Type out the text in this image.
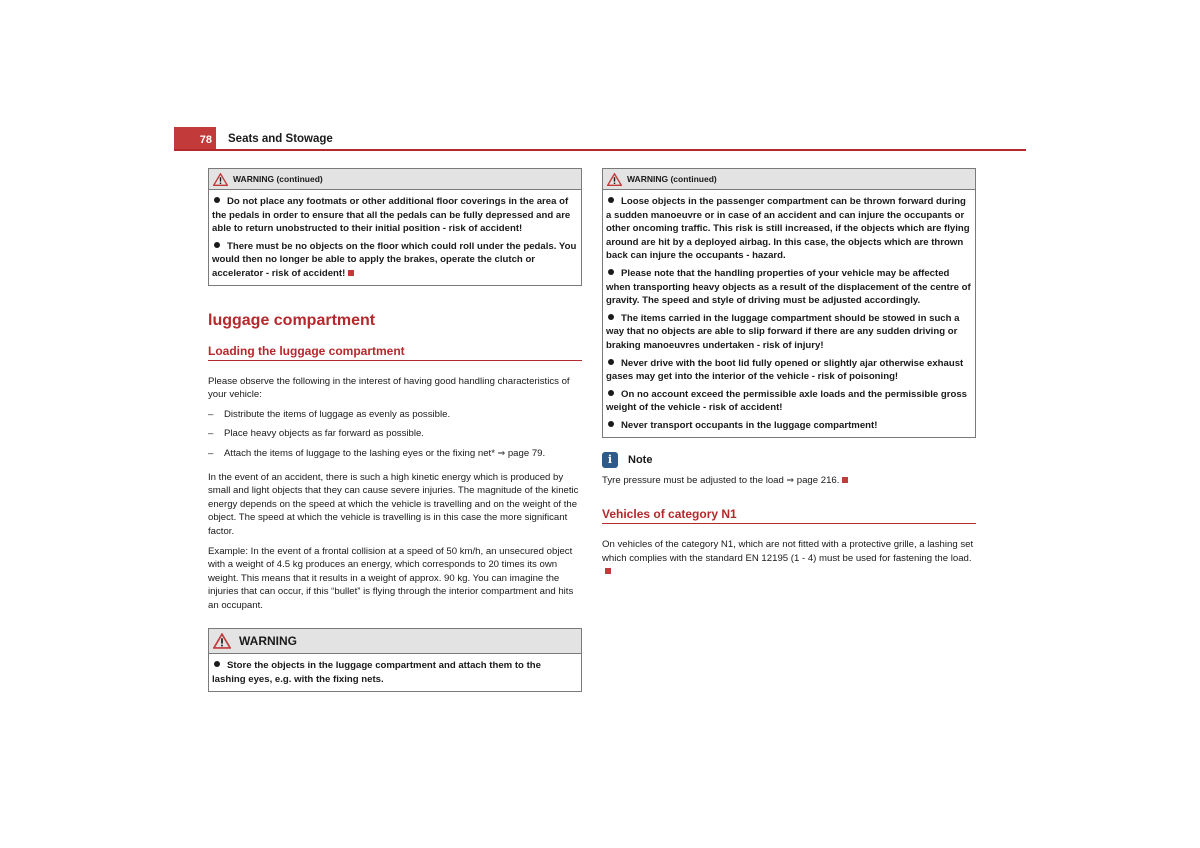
78	Seats and Stowage
WARNING (continued)

Do not place any footmats or other additional floor coverings in the area of the pedals in order to ensure that all the pedals can be fully depressed and are able to return unobstructed to their initial position - risk of accident!

There must be no objects on the floor which could roll under the pedals. You would then no longer be able to apply the brakes, operate the clutch or accelerator - risk of accident!

luggage compartment
Loading the luggage compartment

Please observe the following in the interest of having good handling characteristics of your vehicle:

– Distribute the items of luggage as evenly as possible.

– Place heavy objects as far forward as possible.

– Attach the items of luggage to the lashing eyes or the fixing net* ⇒ page 79.

In the event of an accident, there is such a high kinetic energy which is produced by small and light objects that they can cause severe injuries. The magnitude of the kinetic energy depends on the speed at which the vehicle is travelling and on the weight of the object. The speed at which the vehicle is travelling is in this case the more significant factor.

Example: In the event of a frontal collision at a speed of 50 km/h, an unsecured object with a weight of 4.5 kg produces an energy, which corresponds to 20 times its own weight. This means that it results in a weight of approx. 90 kg. You can imagine the injuries that can occur, if this “bullet” is flying through the interior compartment and hits an occupant.

WARNING

Store the objects in the luggage compartment and attach them to the lashing eyes, e.g. with the fixing nets.

WARNING (continued)

Loose objects in the passenger compartment can be thrown forward during a sudden manoeuvre or in case of an accident and can injure the occupants or other oncoming traffic. This risk is still increased, if the objects which are flying around are hit by a deployed airbag. In this case, the objects which are thrown back can injure the occupants - hazard.

Please note that the handling properties of your vehicle may be affected when transporting heavy objects as a result of the displacement of the centre of gravity. The speed and style of driving must be adjusted accordingly.

The items carried in the luggage compartment should be stowed in such a way that no objects are able to slip forward if there are any sudden driving or braking manoeuvres undertaken - risk of injury!

Never drive with the boot lid fully opened or slightly ajar otherwise exhaust gases may get into the interior of the vehicle - risk of poisoning!

On no account exceed the permissible axle loads and the permissible gross weight of the vehicle - risk of accident!

Never transport occupants in the luggage compartment!

i	Note

Tyre pressure must be adjusted to the load ⇒ page 216.

Vehicles of category N1

On vehicles of the category N1, which are not fitted with a protective grille, a lashing set which complies with the standard EN 12195 (1 - 4) must be used for fastening the load.
